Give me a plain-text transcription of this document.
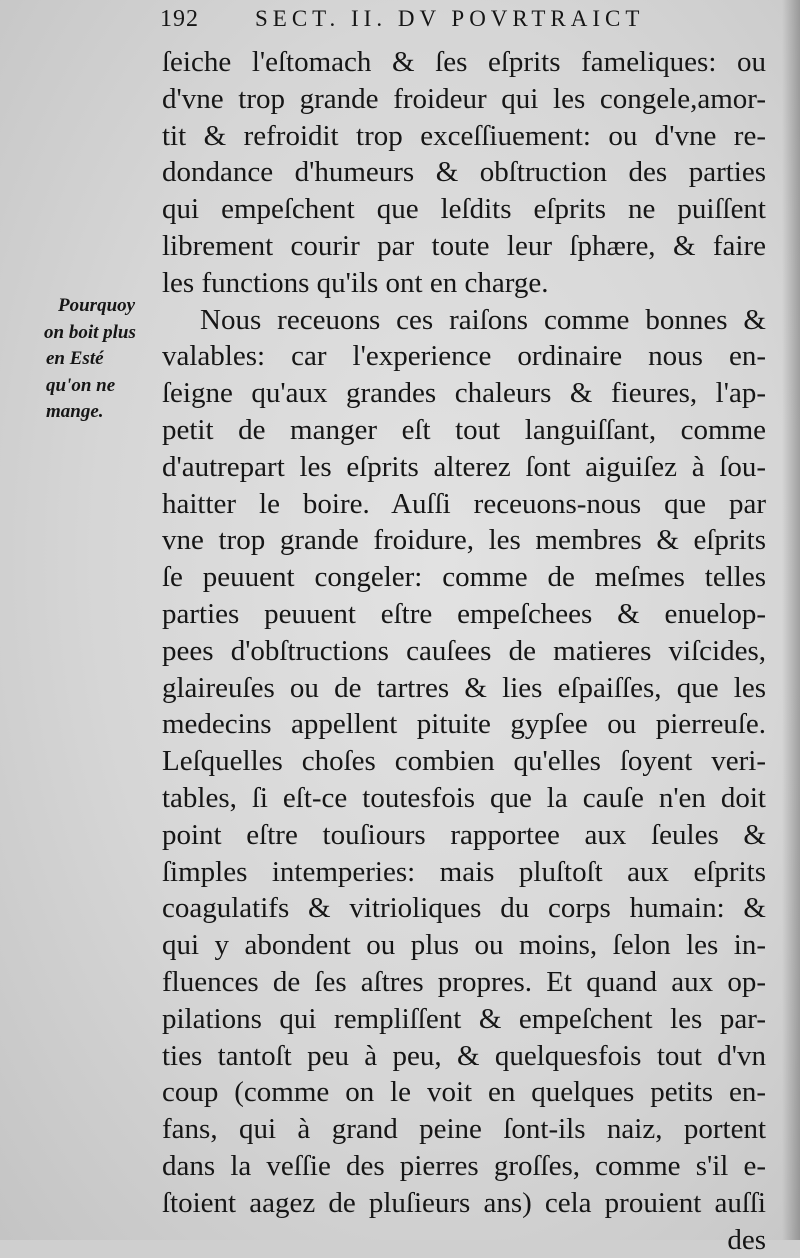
192 SECT. II. DV POVRTRAICT
Pourquoy
on boit plus
en Esté
qu'on ne
mange.
ſeiche l'eſtomach & ſes eſprits fameliques: ou
d'vne trop grande froideur qui les congele,amor-
tit & refroidit trop exceſſiuement: ou d'vne re-
dondance d'humeurs & obſtruction des parties
qui empeſchent que leſdits eſprits ne puiſſent
librement courir par toute leur ſphære, & faire
les functions qu'ils ont en charge.
Nous receuons ces raiſons comme bonnes &
valables: car l'experience ordinaire nous en-
ſeigne qu'aux grandes chaleurs & fieures, l'ap-
petit de manger eſt tout languiſſant, comme
d'autrepart les eſprits alterez ſont aiguiſez à ſou-
haitter le boire. Auſſi receuons-nous que par
vne trop grande froidure, les membres & eſprits
ſe peuuent congeler: comme de meſmes telles
parties peuuent eſtre empeſchees & enuelop-
pees d'obſtructions cauſees de matieres viſcides,
glaireuſes ou de tartres & lies eſpaiſſes, que les
medecins appellent pituite gypſee ou pierreuſe.
Leſquelles choſes combien qu'elles ſoyent veri-
tables, ſi eſt-ce toutesfois que la cauſe n'en doit
point eſtre touſiours rapportee aux ſeules &
ſimples intemperies: mais pluſtoſt aux eſprits
coagulatifs & vitrioliques du corps humain: &
qui y abondent ou plus ou moins, ſelon les in-
fluences de ſes aſtres propres. Et quand aux op-
pilations qui rempliſſent & empeſchent les par-
ties tantoſt peu à peu, & quelquesfois tout d'vn
coup (comme on le voit en quelques petits en-
fans, qui à grand peine ſont-ils naiz, portent
dans la veſſie des pierres groſſes, comme s'il e-
ſtoient aagez de pluſieurs ans) cela prouient auſſi
des
